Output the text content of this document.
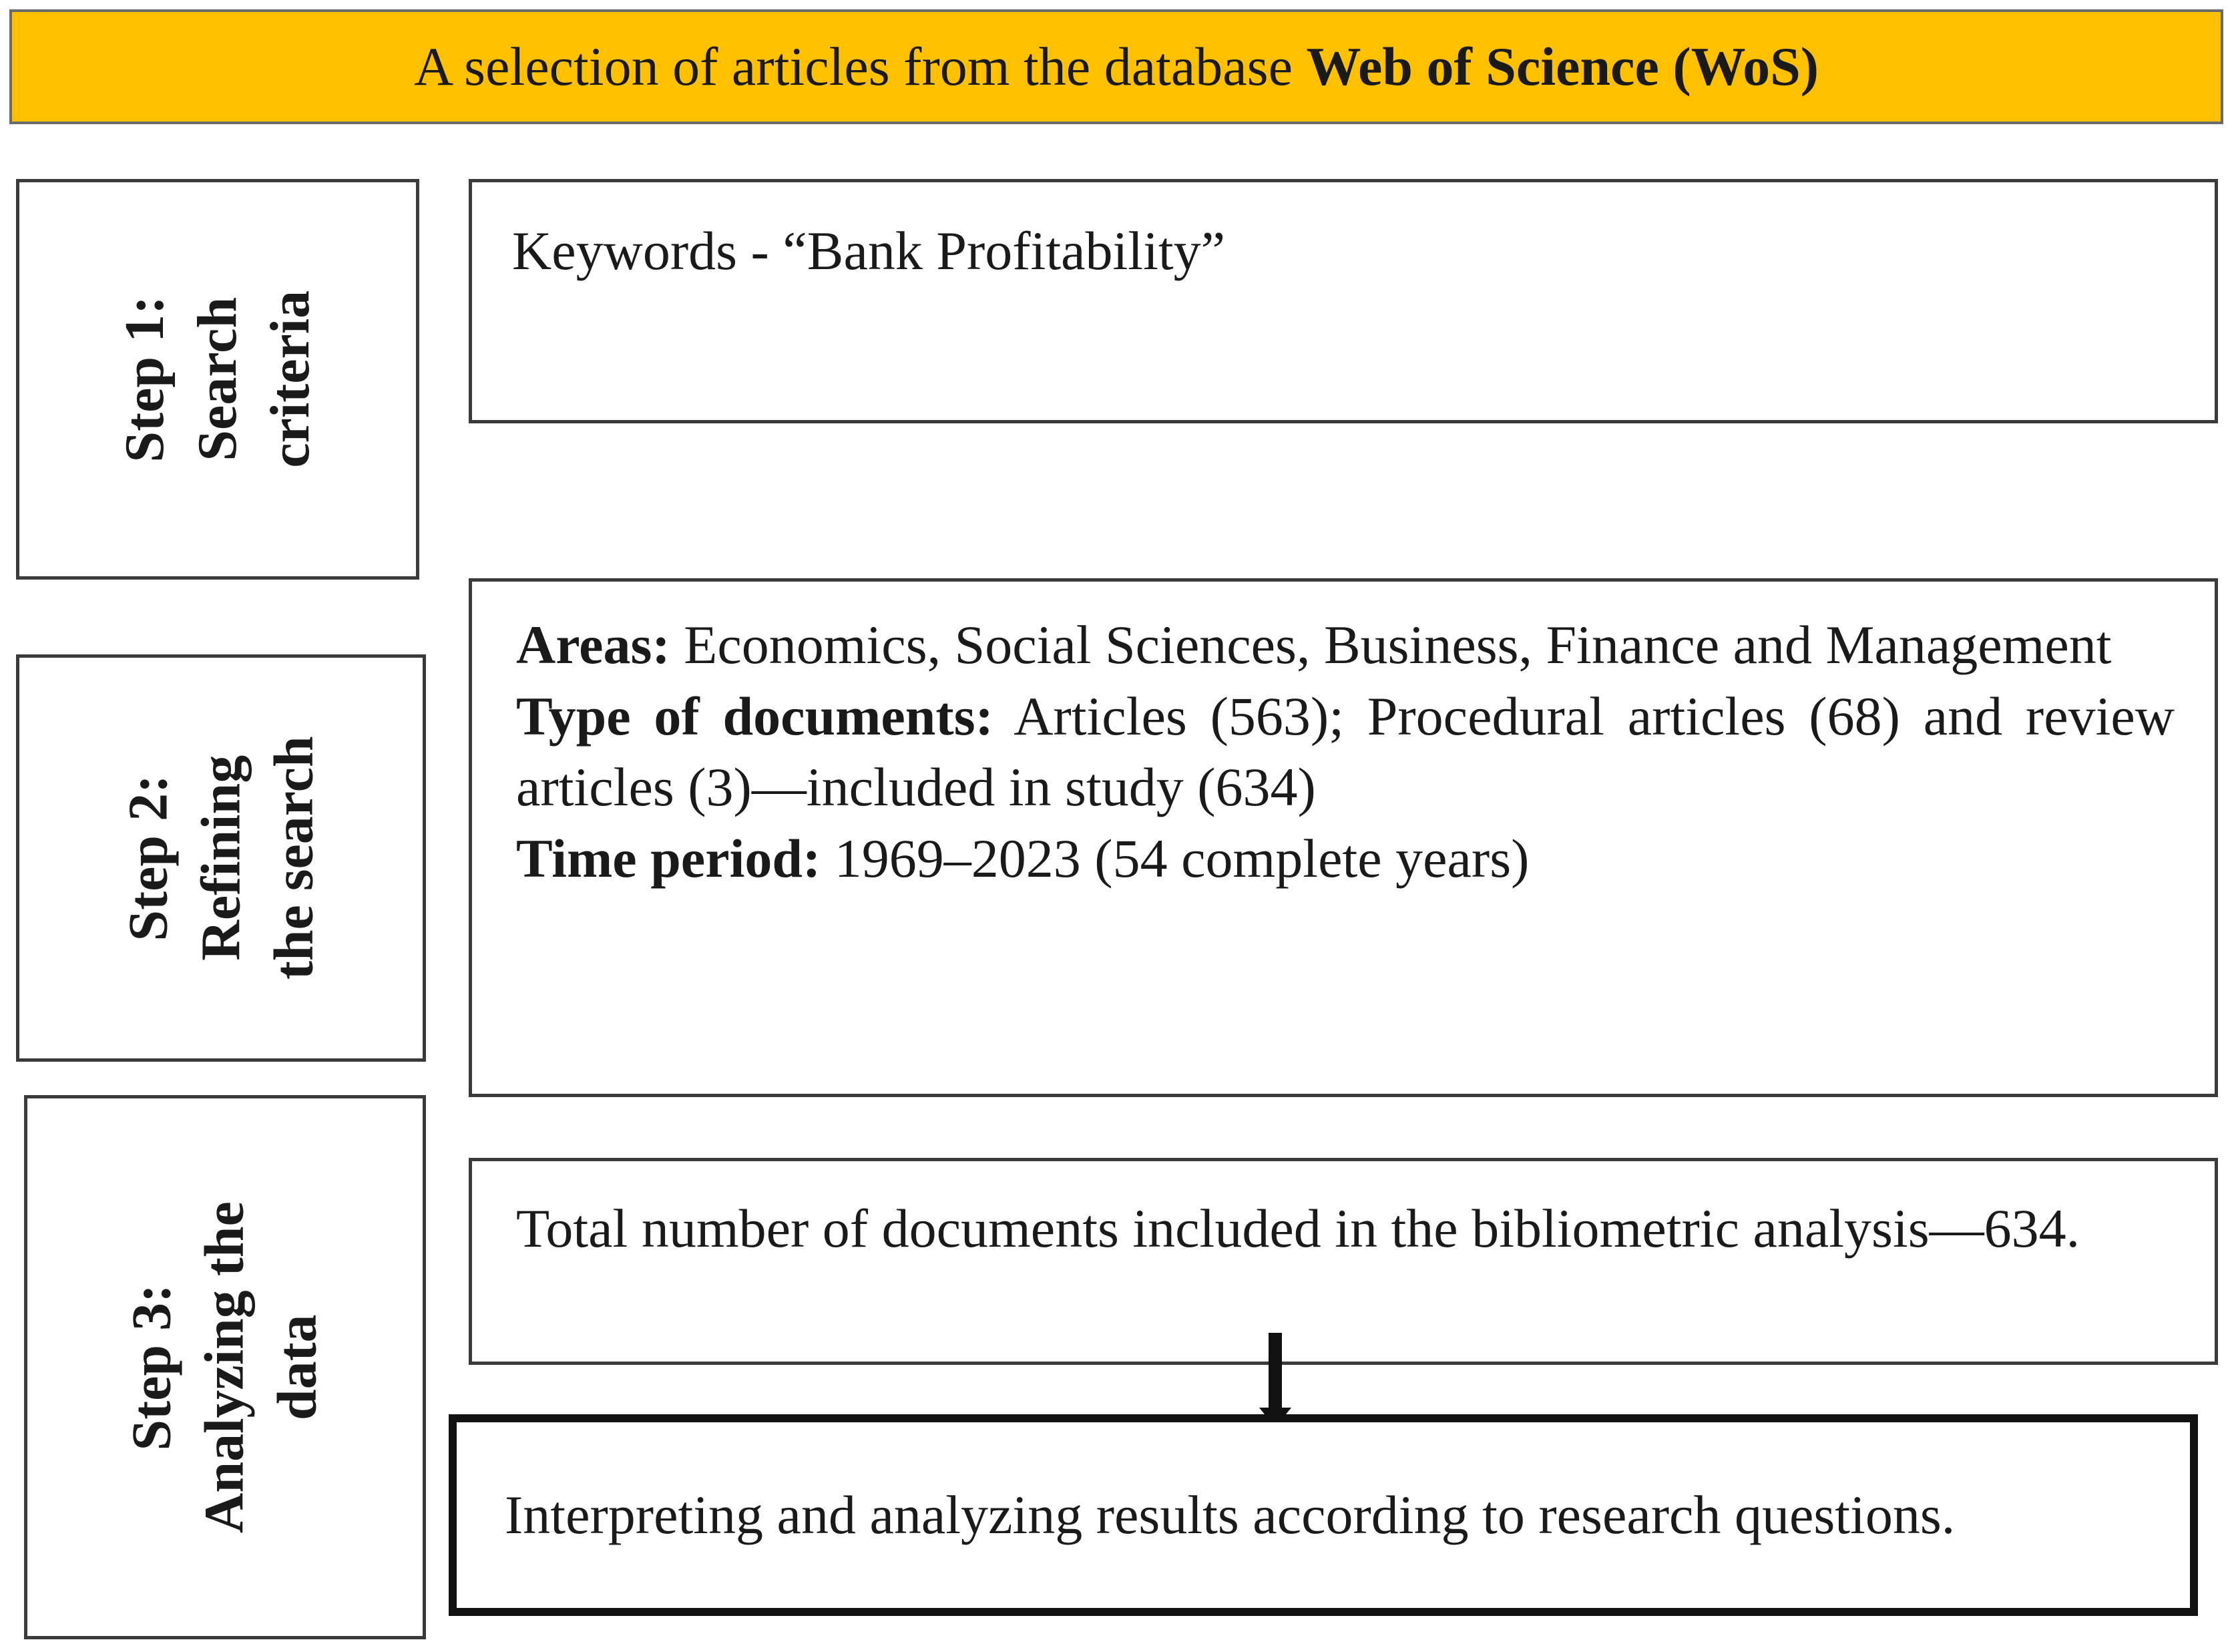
A selection of articles from the database Web of Science (WoS)
Step 1: Search criteria
Step 2: Refining the search
Step 3: Analyzing the data
Keywords - “Bank Profitability”
Areas: Economics, Social Sciences, Business, Finance and Management
Type of documents: Articles (563); Procedural articles (68) and review articles (3)—included in study (634)
Time period: 1969–2023 (54 complete years)
Total number of documents included in the bibliometric analysis—634.
Interpreting and analyzing results according to research questions.
